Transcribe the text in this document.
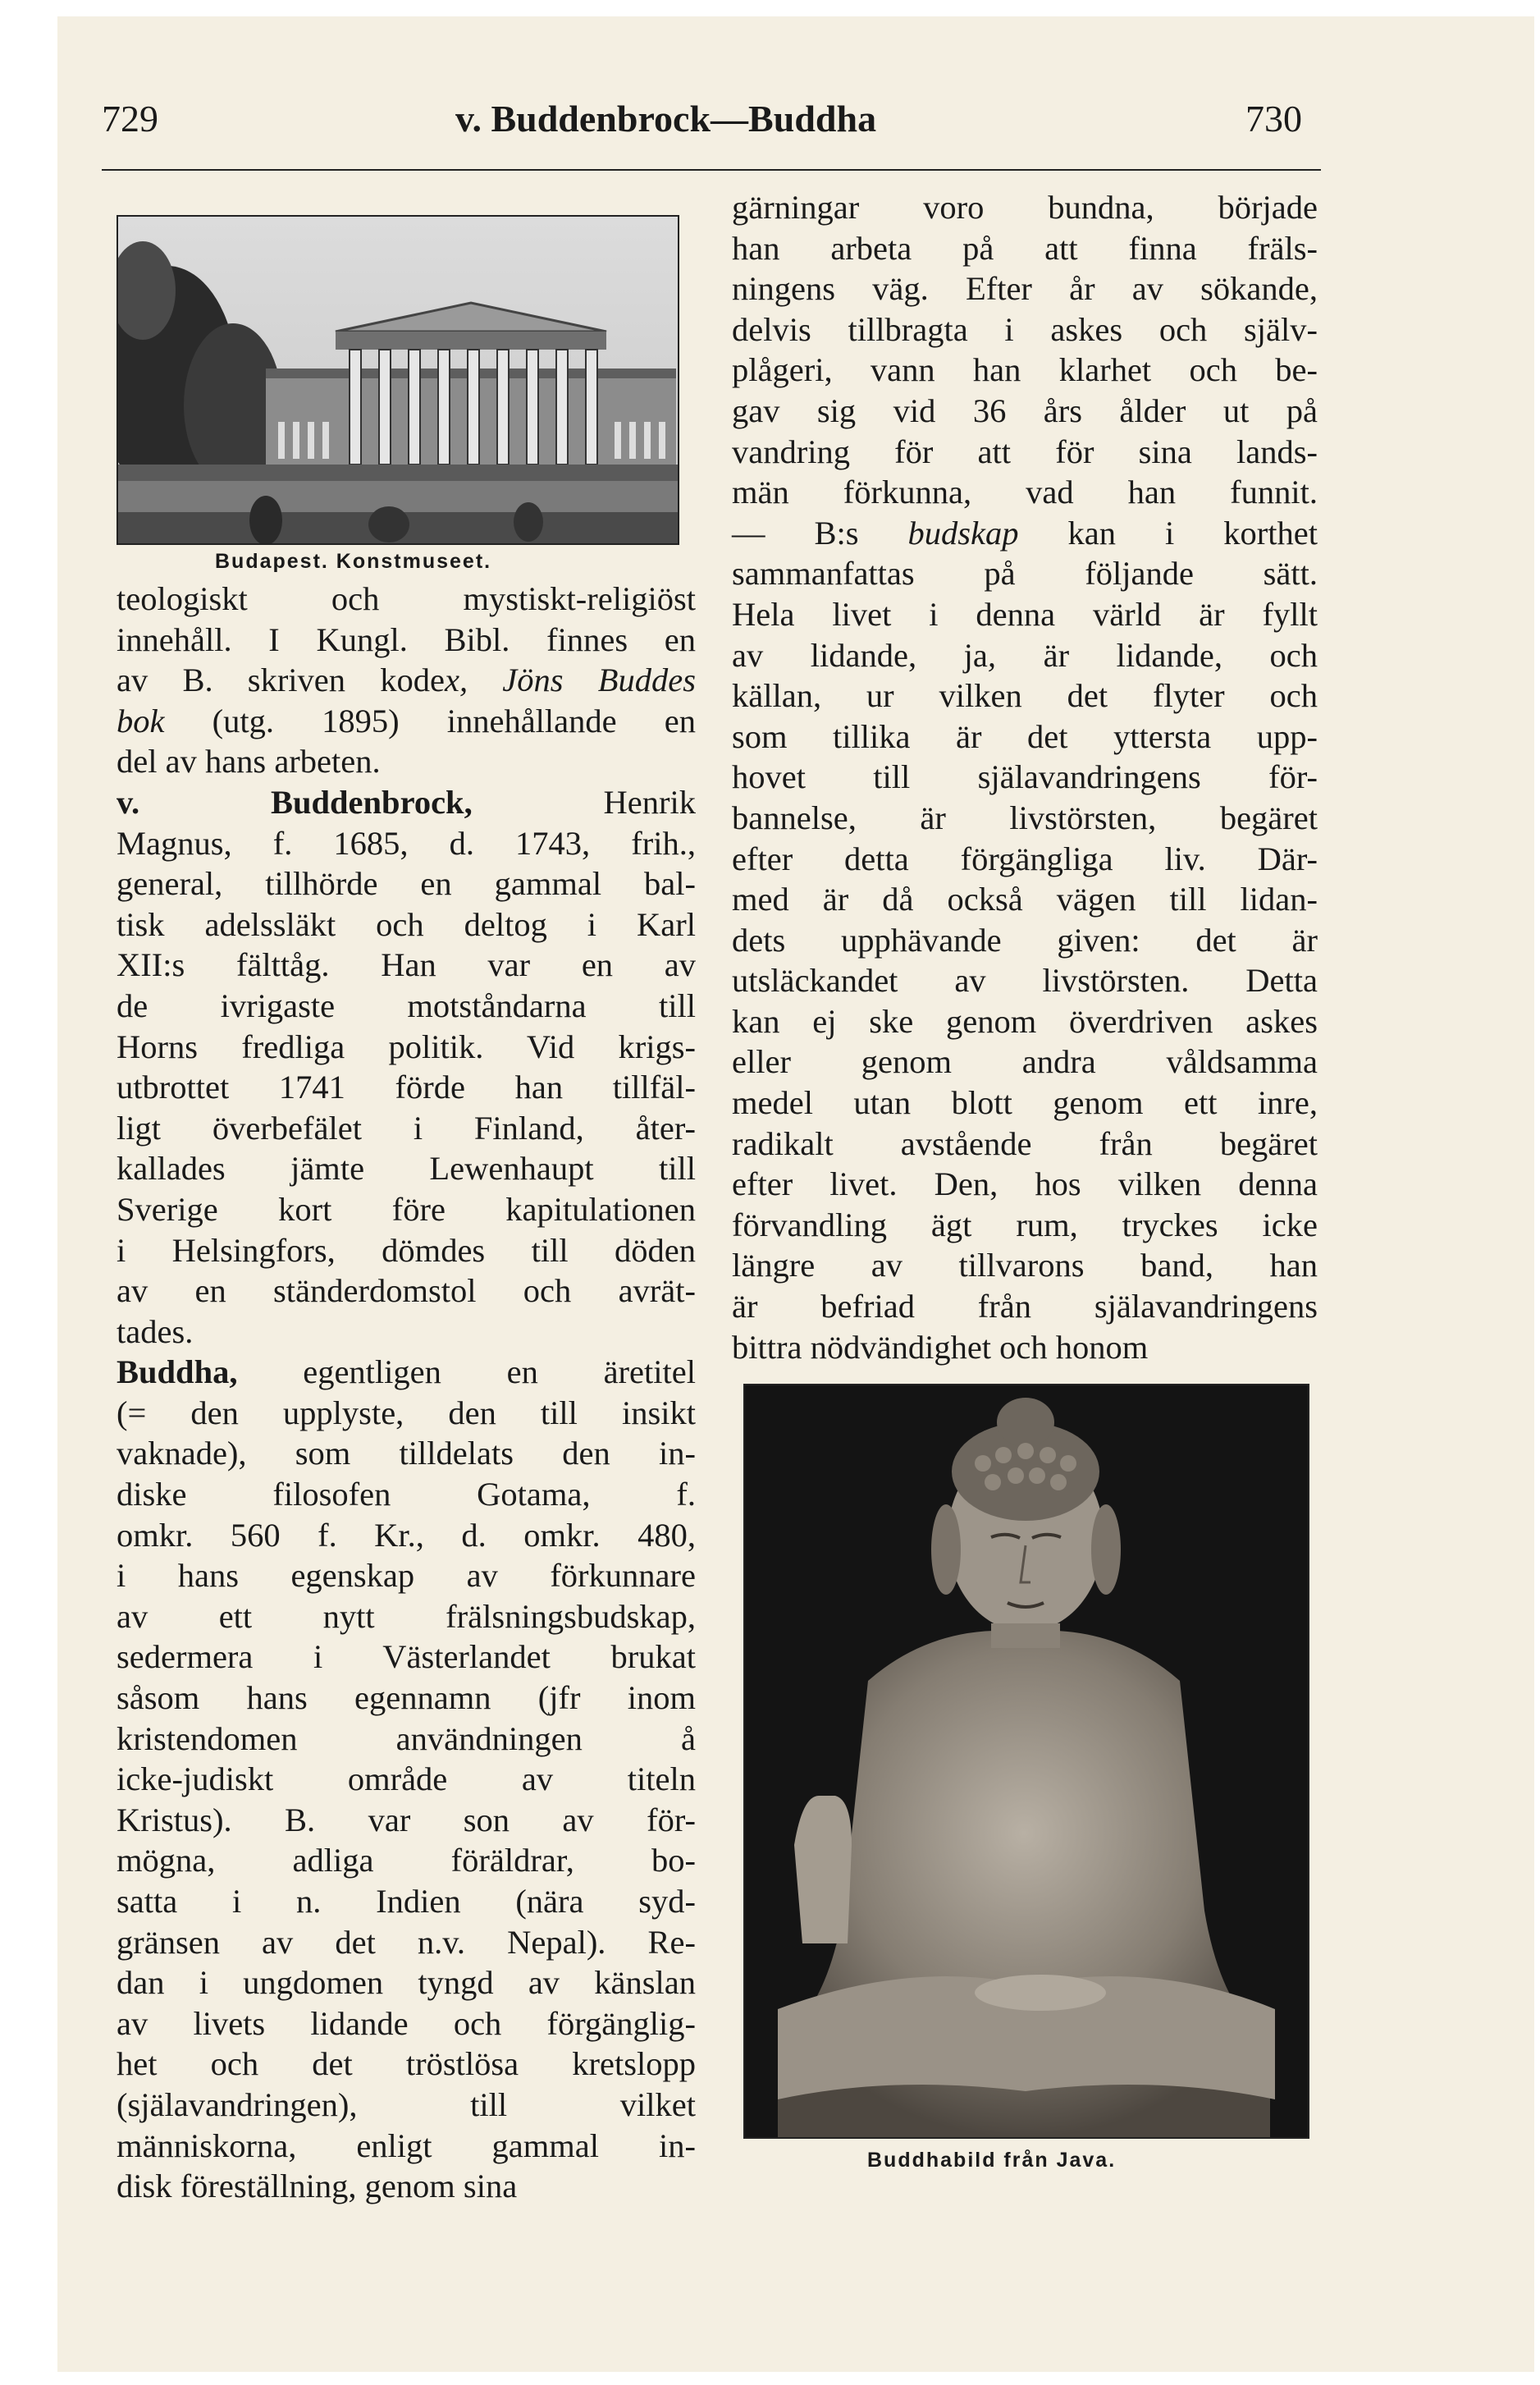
729	v. Buddenbrock—Buddha	730
Budapest. Konstmuseet.
teologiskt och mystiskt-religiöst
innehåll. I Kungl. Bibl. finnes en
av B. skriven kodex, Jöns Buddes
bok (utg. 1895) innehållande en
del av hans arbeten.
v. Buddenbrock, Henrik
Magnus, f. 1685, d. 1743, frih.,
general, tillhörde en gammal bal-
tisk adelssläkt och deltog i Karl
XII:s fälttåg. Han var en av
de ivrigaste motståndarna till
Horns fredliga politik. Vid krigs-
utbrottet 1741 förde han tillfäl-
ligt överbefälet i Finland, åter-
kallades jämte Lewenhaupt till
Sverige kort före kapitulationen
i Helsingfors, dömdes till döden
av en ständerdomstol och avrät-
tades.
Buddha, egentligen en äretitel
(= den upplyste, den till insikt
vaknade), som tilldelats den in-
diske filosofen Gotama, f.
omkr. 560 f. Kr., d. omkr. 480,
i hans egenskap av förkunnare
av ett nytt frälsningsbudskap,
sedermera i Västerlandet brukat
såsom hans egennamn (jfr inom
kristendomen användningen å
icke-judiskt område av titeln
Kristus). B. var son av för-
mögna, adliga föräldrar, bo-
satta i n. Indien (nära syd-
gränsen av det n.v. Nepal). Re-
dan i ungdomen tyngd av känslan
av livets lidande och förgänglig-
het och det tröstlösa kretslopp
(själavandringen), till vilket
människorna, enligt gammal in-
disk föreställning, genom sina
gärningar voro bundna, började
han arbeta på att finna fräls-
ningens väg. Efter år av sökande,
delvis tillbragta i askes och själv-
plågeri, vann han klarhet och be-
gav sig vid 36 års ålder ut på
vandring för att för sina lands-
män förkunna, vad han funnit.
— B:s budskap kan i korthet
sammanfattas på följande sätt.
Hela livet i denna värld är fyllt
av lidande, ja, är lidande, och
källan, ur vilken det flyter och
som tillika är det yttersta upp-
hovet till själavandringens för-
bannelse, är livstörsten, begäret
efter detta förgängliga liv. Där-
med är då också vägen till lidan-
dets upphävande given: det är
utsläckandet av livstörsten. Detta
kan ej ske genom överdriven askes
eller genom andra våldsamma
medel utan blott genom ett inre,
radikalt avstående från begäret
efter livet. Den, hos vilken denna
förvandling ägt rum, tryckes icke
längre av tillvarons band, han
är befriad från själavandringens
bittra nödvändighet och honom
Buddhabild från Java.
